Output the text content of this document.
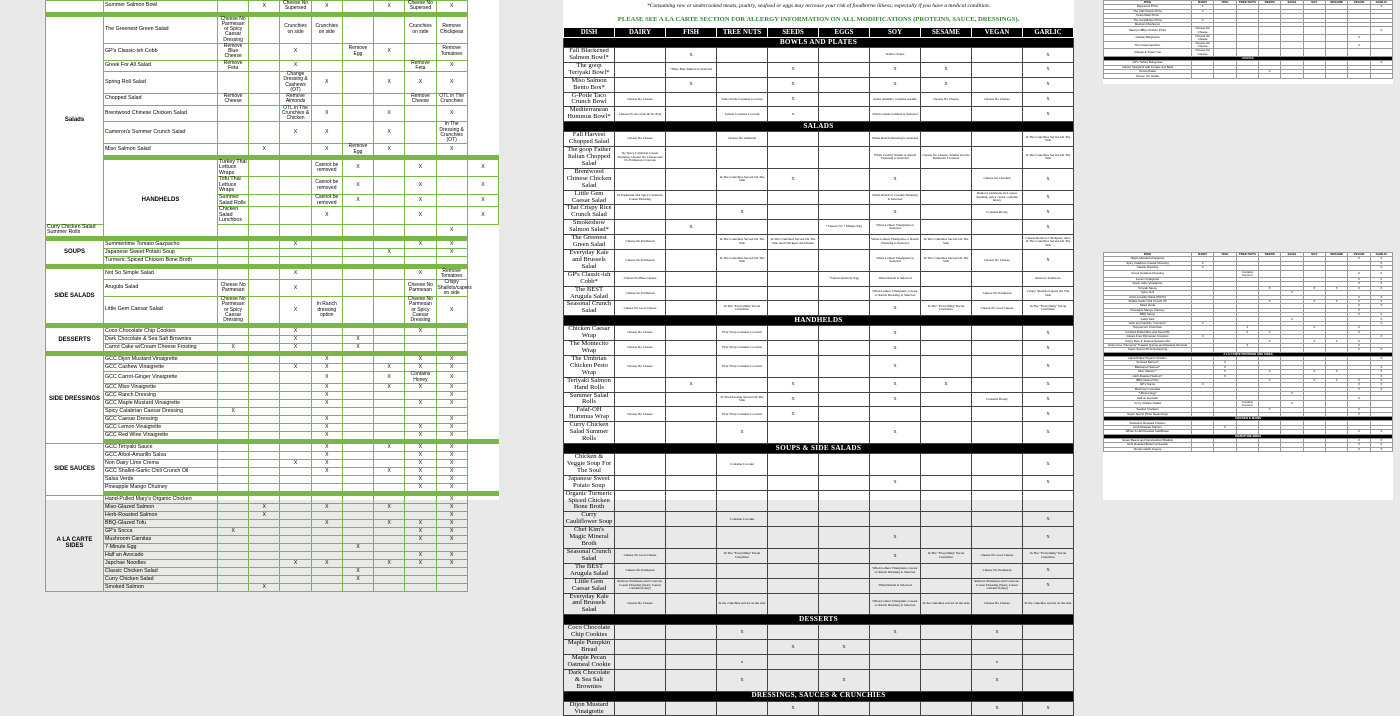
	Summer Salmon Bowl		X	Cheese No Supersed	X		X	Cheese No Supersed	X	

Salads	The Greenest Green Salad	Cheese No Parmesan or Spicy Caesar Dressing		Crunchies on side	Crunchies on side			Crunchies on side	Remove Chickpeas	
	GP's Classic-ish Cobb	Remove Blue Cheese		X		Remove Egg	X		Remove Tomatoes	
	Greek For All Salad	Remove Feta		X				Remove Feta	X	
	Spring Roll Salad			Change Dressing & Cashews (OT)	X		X	X	X	
	Chopped Salad	Remove Cheese		Remove Almonds				Remove Cheese	OTL in The Crunchies	
	Brentwood Chinese Chicken Salad			OTL in The Crunchies & Chicken	X		X		X	
	Cameron's Summer Crunch Salad			X	X		X		In The Dressing & Crunchies (OT)	
	Miso Salmon Salad		X		X	Remove Egg	X		X	

	HANDHELDS	Turkey Thai Lettuce Wraps			Cannot be removed	X		X		X
		Tofu Thai Lettuce Wraps			Cannot be removed	X		X		X
		Summer Salad Rolls			Cannot be removed	X		X		X
		Chicken Salad Lunchbox			X			X		X
Curry Chicken Salad Summer Rolls									X	

SOUPS	Summertime Tomato Gazpacho			X				X	X	
	Japanese Sweet Potato Soup						X		X	
	Turmeric Spiced Chicken Bone Broth									

SIDE SALADS	Not So Simple Salad			X				X	Remove Tomatoes	
	Arugula Salad	Cheese No Parmesan		X				Cheese No Parmesan	Crispy Shallots/capers on side	
	Little Gem Caesar Salad	Cheese No Parmesan or Spicy Caesar Dressing		X	In Ranch dressing option			Cheese No Parmesan or Spicy Caesar Dressing	X	

DESSERTS	Coco Chocolate Chip Cookies			X				X		
	Dark Chocolate & Sea Salt Brownies			X		X				
	Carrot Cake w/Cream Cheese Frosting	X		X		X				

SIDE DRESSINGS	GCC Dijon Mustard Vinaigrette				X			X	X	
	GCC Cashew Vinaigrette			X	X		X	X	X	
	GCC Carrot-Ginger Vinaigrette				X		X	Contains Honey	X	
	GCC Miso Vinaigrette				X		X	X	X	
	GCC Ranch Dressing				X				X	
	GCC Maple Mustard Vinaigrette				X			X	X	
	Spicy Calabrian Caesar Dressing	X								
	GCC Caesar Dressing				X				X	
	GCC Lemon Vinaigrette				X			X	X	
	GCC Red Wine Vinaigrette				X			X	X	

SIDE SAUCES	GCC Teriyaki Sauce				X		X	X	X	
	GCC Arbol-Amarillo Salsa				X			X	X	
	Non Dairy Lime Crema			X	X			X	X	
	GCC Shallot-Garlic Chili Crunch Oil				X		X	X	X	
	Salsa Verde							X	X	
	Pineapple Mango Chutney							X	X	

A LA CARTE SIDES	Hand-Pulled Mary's Organic Chicken								X	
	Miso-Glazed Salmon		X		X		X		X	
	Herb-Roasted Salmon		X						X	
	BBQ-Glazed Tofu				X		X	X	X	
	GP's Socca	X						X	X	
	Mushroom Carnitas							X	X	
	7-Minute Egg					X				
	Half an Avocado							X	X	
	Japchae Noodles			X	X		X	X	X	
	Classic Chicken Salad					X				
	Curry Chicken Salad					X				
	Smoked Salmon		X							
*Consuming raw or undercooked meats, poultry, seafood or eggs may increase your risk of foodborne illness; especially if you have a medical condition.
PLEASE SEE A LA CARTE SECTION FOR ALLERGY INFORMATION ON ALL MODIFICATIONS (PROTEINS, SAUCE, DRESSINGS).
DISH	DAIRY	FISH	TREE NUTS	SEEDS	EGGS	SOY	SESAME	VEGAN	GARLIC
BOWLS AND PLATES									
Fall Blackened Salmon Bowl*		X				In Rice Sauce			X
The goop Teriyaki Bowl*		*Miso Bite Salmon is Selected		X		X	X		X
Miso Salmon Bento Box*		X		X		X	X		X
G-Potle Taco Crunch Bowl	Cheese No Cheese		Salsa Verde Contains Coconut	X		Arbol Amarillo contains sesame	Cheese No Cheese	Cheese No Cheese	X
Mediterranean Hummus Bowl*	Cheese No Avocado & No Feta		Lemon Contains Coconut	x		When Greek Goddess is Selected			X
SALADS									
Fall Harvest Chopped Salad	Cheese No Cheese		Cheese No Almonds			When Ranch Dressing is Selected			In The Crunchies Served On The Side
The goop Father Italian Chopped Salad	No Spicy Calabrian Caesar Dressing, Cheese No Cheese and No Parmesan Croutons					When Creamy Italian or Ranch Dressing is Selected	Cheese No Cheese, Salami and No Parmesan Croutons		In The Crunchies Served On The Side
Brentwood Chinese Chicken Salad			In The Crunchies Served On The Side	X		X		Cheese No Chicken	X
Little Gem Caesar Salad	In Parmesan and Spicy Calabrian Caesar Dressing					When Ranch or Creamy Dressing is Selected		Remove parmesan and caesar dressing, spicy caesar contains honey	X
Thai Crispy Rice Crunch Salad			X			X		Contains Honey	X
Smokeshow Salmon Salad*		X			*Cheese No 7 Minute Egg	When Lemon Vinaigrette is Selected			X
The Greenest Green Salad	Cheese No Parmesan		In The Crunchies Served On The Side	In The Crunchies Served On The Side And Chickpea And Panko		When Lemon Vinaigrette or Ranch Dressing is Selected	In The Crunchies Served On The Side		Cheese Remove Chickpeas; Also In The Crunchies Served On The Side
Everyday Kale and Brussels Salad	Cheese No Parmesan		In The Crunchies Served On The Side			When Lemon Vinaigrette is Selected	In The Crunchies Served On The Side	Cheese No Cheese	X
GP's Classic-ish Cobb*	Cheese No Blue Cheese				*Cheese Remove Egg	When Ranch is Selected			Remove Tomatoes
The BEST Arugula Salad	Cheese No Parmesan					When Lemon Vinaigrette, Caesar or Ranch Dressing is Selected		Cheese No Parmesan	Crispy Shallots/Capers On The Side
Seasonal Crunch Salad	Cheese No Goat Cheese		In The "Everything" Pecan Crunchies			X	In The "Everything" Pecan Crunchies	Cheese No Goat Cheese	In The "Everything" Pecan Crunchies
HANDHELDS									
Chicken Caesar Wrap	Cheese No Cheese		Flax Wrap Contains Coconut			X			X
The Montecito Wrap	Cheese No Cheese		Flax Wrap Contains Coconut			X			X
The Umbrian Chicken Pesto Wrap	Cheese No Cheese		Flax Wrap Contains Coconut			X			X
Teriyaki Salmon Hand Rolls		X		X		X	X		X
Summer Salad Rolls			In The Dressing Served On The Side	X		X		Contains Honey	X
Falaf-OH Hummus Wrap	Cheese No Cheese		Flax Wrap Contains Coconut	X					X
Curry Chicken Salad Summer Rolls			X			X			X
SOUPS & SIDE SALADS									
Chicken & Veggie Soup For The Soul			Contains Coconut						X
Japanese Sweet Potato Soup						X			X
Organic Turmeric Spiced Chicken Bone Broth									
Curry Cauliflower Soup			Contains Coconut						X
Chef Kim's Magic Mineral Broth						X			X
Seasonal Crunch Salad	Cheese No Goat Cheese		In The "Everything" Pecan Crunchies			X	In The "Everything" Pecan Crunchies	Cheese No Goat Cheese	In The "Everything" Pecan Crunchies
The BEST Arugula Salad	Cheese No Parmesan					When Lemon Vinaigrette, Caesar or Ranch Dressing is Selected		Cheese No Parmesan	X
Little Gem Caesar Salad	Remove Parmesan and Croutons, Caesar Dressing (Spicy Caesar contains honey)					When Ranch is Selected		Remove Parmesan and Croutons, Caesar Dressing (Spicy Caesar contains honey)	X
Everyday Kale and Brussels Salad	Cheese No Cheese		In the crunchies served on the side			When Lemon Vinaigrette, Caesar or Ranch Dressing is Selected	In the crunchies served on the side	Cheese No Cheese	In the crunchies served on the side
DESSERTS									
Coco Chocolate Chip Cookies			X			X		X	
Maple Pumpkin Bread				X	X				
Maple Pecan Oatmeal Cookie			x					x	
Dark Chocolate & Sea Salt Brownies			X		X			X	
DRESSINGS, SAUCES & CRUNCHIES									
Dijon Mustard Vinaigrette				X				X	X
DISH	DAIRY	FISH	TREE NUTS	SEEDS	EGGS	SOY	SESAME	VEGAN	GARLIC
Pepperoni Pizza	X								X
The Fall Classic Pizza	X								
Pesto Basil Pizza									
The GoopBrites Pizza	X								
Mexican Mushroom									
Manny's BBQ Chicken Pizza	Cheese No Cheese								X
Classic Margherita	Cheese No Cheese							X	
The Great Gambino	Cheese No Cheese							X	
Cheese & Truest You	Cheese No Cheese								
PASTAS									
GP's Turkey Bolognese									X
Classic Spaghetti with Tomato and Basil									
Penne Pasta				X					
Penne, No Vodka									
DISH	DAIRY	FISH	TREE NUTS	SEEDS	EGGS	SOY	SESAME	VEGAN	GARLIC
Maple Mustard Vinaigrette								X	X
Spicy Calabrian Caesar Dressing	X								X
Caesar Dressing	X								X
Greek Goddess Dressing			Contains Coconut					X	X
Lemon Vinaigrette								X	X
Apple Cider Vinaigrette								X	X
Teriyaki Sauce				X		X	X	X	X
Spicy Aioli					X				
Arbol-Amarillo Salsa (PHTK)								X	X
Shallot-Garlic Chili Crunch Oil				X		X	X	X	X
Salsa Verde								X	X
Pineapple Mango Chutney								X	
BBQ Sauce								X	X
Garlic Aioli					X				X
Herb and Garlicky "Croutons"	X								X
Peppercorn Crunchies			X			X		X	
Candied Pulled Rice and Seed Mix			X	X				X	
Gluten-Free Parmesan Croutons	X								X
Crispy Rice & Toasted Sesame Mix				X		X	X	X	
Gluten-free "Moments" Toasted Quinoa and Roasted Almonds			X					X	
Super Secret Pizza Seasoning								X	X
A LA CARTE PROTEINS AND SIDES									
Hand-Pulled Organic Chicken									X
Smoked Salmon*		X							
Blackened Salmon*		X							X
Miso Salmon *		X		X		X	X		X
Herb-Roasted Salmon*		X							X
BBQ Glazed Tofu				X		X	X	X	X
GP's Socca	X							X	X
Mushroom Carnitas								X	X
7-Minute Egg*					X				
Half an Avocado								X	
Curry Chicken Salad			Contains Coconut		X				
Seeded Crackers				X				X	
Super Secret Pizza Seasonings								X	
CHICKEN & MAINS									
Rotisserie Roasted Chicken									
Herb Roasted Salmon		X							
Whole & Half Roasted Cauliflower								X	X
SIGNATURE SIDES									
Green Beans and Caramelized Shallots								X	X
Herb Roasted Butternut Squash								X	X
Simple Garlic Greens								X	X
